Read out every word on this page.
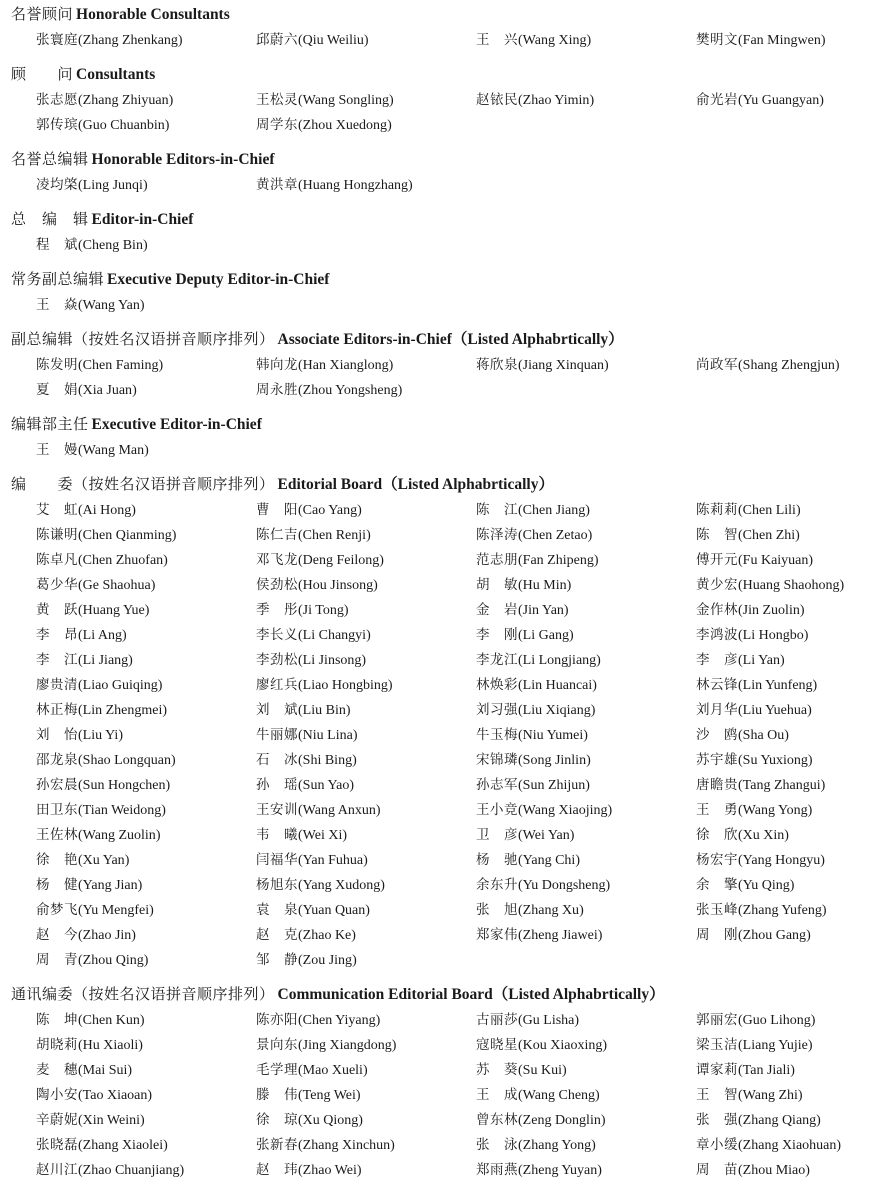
名誉顾问 Honorable Consultants
张寰庭(Zhang Zhenkang)	邱蔚六(Qiu Weiliu)	王　兴(Wang Xing)	樊明文(Fan Mingwen)
顾　　问 Consultants
张志愿(Zhang Zhiyuan)	王松灵(Wang Songling)	赵铱民(Zhao Yimin)	俞光岩(Yu Guangyan)
郭传瑸(Guo Chuanbin)	周学东(Zhou Xuedong)
名誉总编辑 Honorable Editors-in-Chief
凌均棨(Ling Junqi)	黄洪章(Huang Hongzhang)
总　编　辑 Editor-in-Chief
程　斌(Cheng Bin)
常务副总编辑 Executive Deputy Editor-in-Chief
王　焱(Wang Yan)
副总编辑（按姓名汉语拼音顺序排列） Associate Editors-in-Chief（Listed Alphabrtically）
陈发明(Chen Faming)	韩向龙(Han Xianglong)	蒋欣泉(Jiang Xinquan)	尚政军(Shang Zhengjun)
夏　娟(Xia Juan)	周永胜(Zhou Yongsheng)
编辑部主任 Executive Editor-in-Chief
王　嫚(Wang Man)
编　　委（按姓名汉语拼音顺序排列） Editorial Board（Listed Alphabrtically）
艾　虹(Ai Hong)	曹　阳(Cao Yang)	陈　江(Chen Jiang)	陈莉莉(Chen Lili)
陈谦明(Chen Qianming)	陈仁吉(Chen Renji)	陈泽涛(Chen Zetao)	陈　智(Chen Zhi)
陈卓凡(Chen Zhuofan)	邓飞龙(Deng Feilong)	范志朋(Fan Zhipeng)	傅开元(Fu Kaiyuan)
葛少华(Ge Shaohua)	侯劲松(Hou Jinsong)	胡　敏(Hu Min)	黄少宏(Huang Shaohong)
黄　跃(Huang Yue)	季　彤(Ji Tong)	金　岩(Jin Yan)	金作林(Jin Zuolin)
李　昂(Li Ang)	李长义(Li Changyi)	李　刚(Li Gang)	李鸿波(Li Hongbo)
李　江(Li Jiang)	李劲松(Li Jinsong)	李龙江(Li Longjiang)	李　彦(Li Yan)
廖贵清(Liao Guiqing)	廖红兵(Liao Hongbing)	林焕彩(Lin Huancai)	林云锋(Lin Yunfeng)
林正梅(Lin Zhengmei)	刘　斌(Liu Bin)	刘习强(Liu Xiqiang)	刘月华(Liu Yuehua)
刘　怡(Liu Yi)	牛丽娜(Niu Lina)	牛玉梅(Niu Yumei)	沙　鸥(Sha Ou)
邵龙泉(Shao Longquan)	石　冰(Shi Bing)	宋锦璘(Song Jinlin)	苏宇雄(Su Yuxiong)
孙宏晨(Sun Hongchen)	孙　瑶(Sun Yao)	孙志军(Sun Zhijun)	唐瞻贵(Tang Zhangui)
田卫东(Tian Weidong)	王安训(Wang Anxun)	王小竞(Wang Xiaojing)	王　勇(Wang Yong)
王佐林(Wang Zuolin)	韦　曦(Wei Xi)	卫　彦(Wei Yan)	徐　欣(Xu Xin)
徐　艳(Xu Yan)	闫福华(Yan Fuhua)	杨　驰(Yang Chi)	杨宏宇(Yang Hongyu)
杨　健(Yang Jian)	杨旭东(Yang Xudong)	余东升(Yu Dongsheng)	余　擎(Yu Qing)
俞梦飞(Yu Mengfei)	袁　泉(Yuan Quan)	张　旭(Zhang Xu)	张玉峰(Zhang Yufeng)
赵　今(Zhao Jin)	赵　克(Zhao Ke)	郑家伟(Zheng Jiawei)	周　刚(Zhou Gang)
周　青(Zhou Qing)	邹　静(Zou Jing)
通讯编委（按姓名汉语拼音顺序排列） Communication Editorial Board（Listed Alphabrtically）
陈　坤(Chen Kun)	陈亦阳(Chen Yiyang)	古丽莎(Gu Lisha)	郭丽宏(Guo Lihong)
胡晓莉(Hu Xiaoli)	景向东(Jing Xiangdong)	寇晓星(Kou Xiaoxing)	梁玉洁(Liang Yujie)
麦　穗(Mai Sui)	毛学理(Mao Xueli)	苏　葵(Su Kui)	谭家莉(Tan Jiali)
陶小安(Tao Xiaoan)	滕　伟(Teng Wei)	王　成(Wang Cheng)	王　智(Wang Zhi)
辛蔚妮(Xin Weini)	徐　琼(Xu Qiong)	曾东林(Zeng Donglin)	张　强(Zhang Qiang)
张晓磊(Zhang Xiaolei)	张新春(Zhang Xinchun)	张　泳(Zhang Yong)	章小缓(Zhang Xiaohuan)
赵川江(Zhao Chuanjiang)	赵　玮(Zhao Wei)	郑雨燕(Zheng Yuyan)	周　苗(Zhou Miao)
